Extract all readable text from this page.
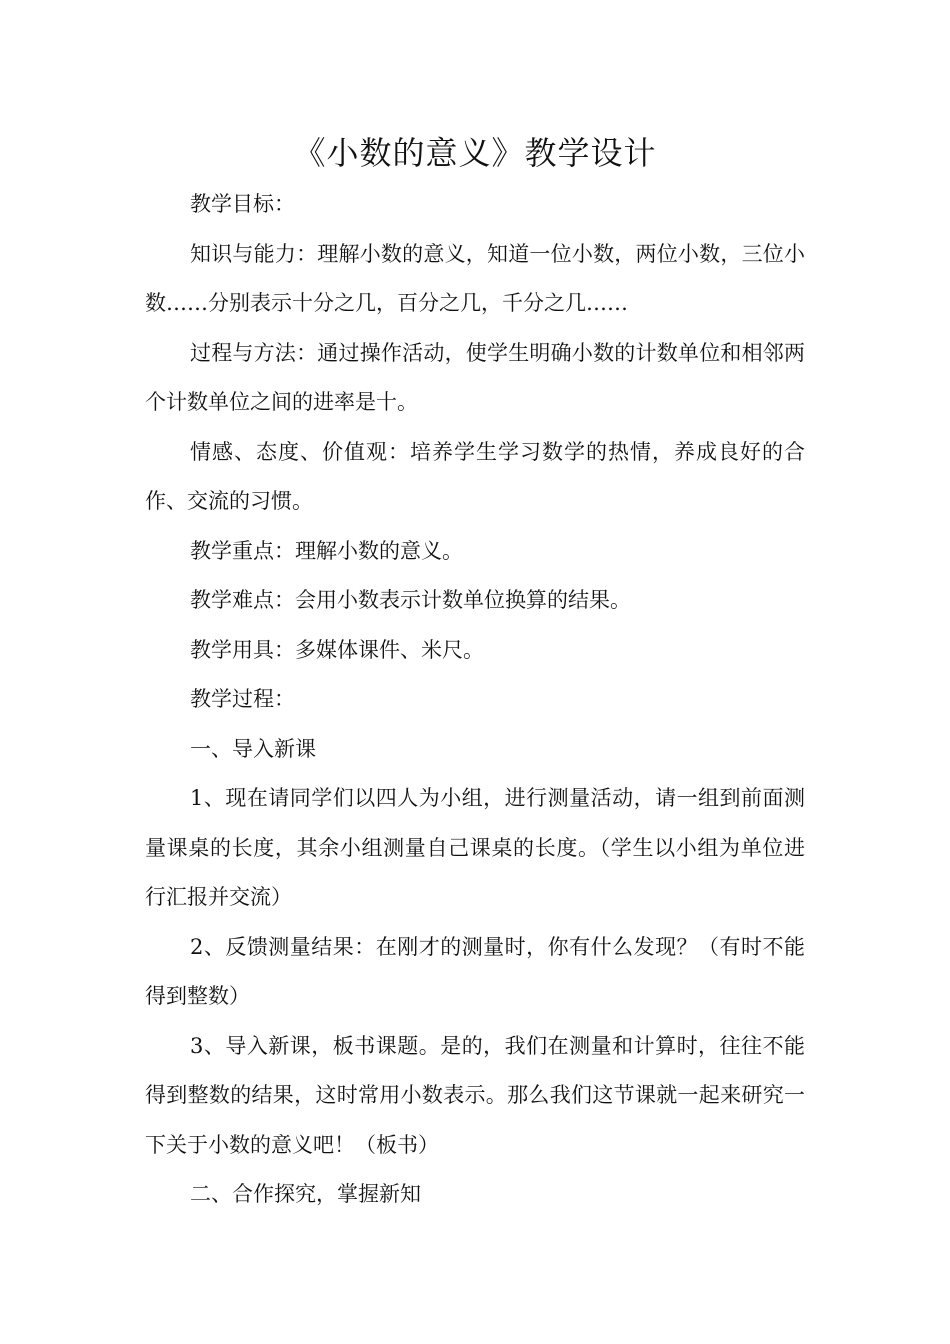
《小数的意义》教学设计

教学目标：

知识与能力：理解小数的意义，知道一位小数，两位小数，三位小数……分别表示十分之几，百分之几，千分之几……

过程与方法：通过操作活动，使学生明确小数的计数单位和相邻两个计数单位之间的进率是十。

情感、态度、价值观：培养学生学习数学的热情，养成良好的合作、交流的习惯。

教学重点：理解小数的意义。

教学难点：会用小数表示计数单位换算的结果。

教学用具：多媒体课件、米尺。

教学过程：

一、导入新课

1、现在请同学们以四人为小组，进行测量活动，请一组到前面测量课桌的长度，其余小组测量自己课桌的长度。（学生以小组为单位进行汇报并交流）

2、反馈测量结果：在刚才的测量时，你有什么发现？（有时不能得到整数）

3、导入新课，板书课题。是的，我们在测量和计算时，往往不能得到整数的结果，这时常用小数表示。那么我们这节课就一起来研究一下关于小数的意义吧！（板书）

二、合作探究，掌握新知
